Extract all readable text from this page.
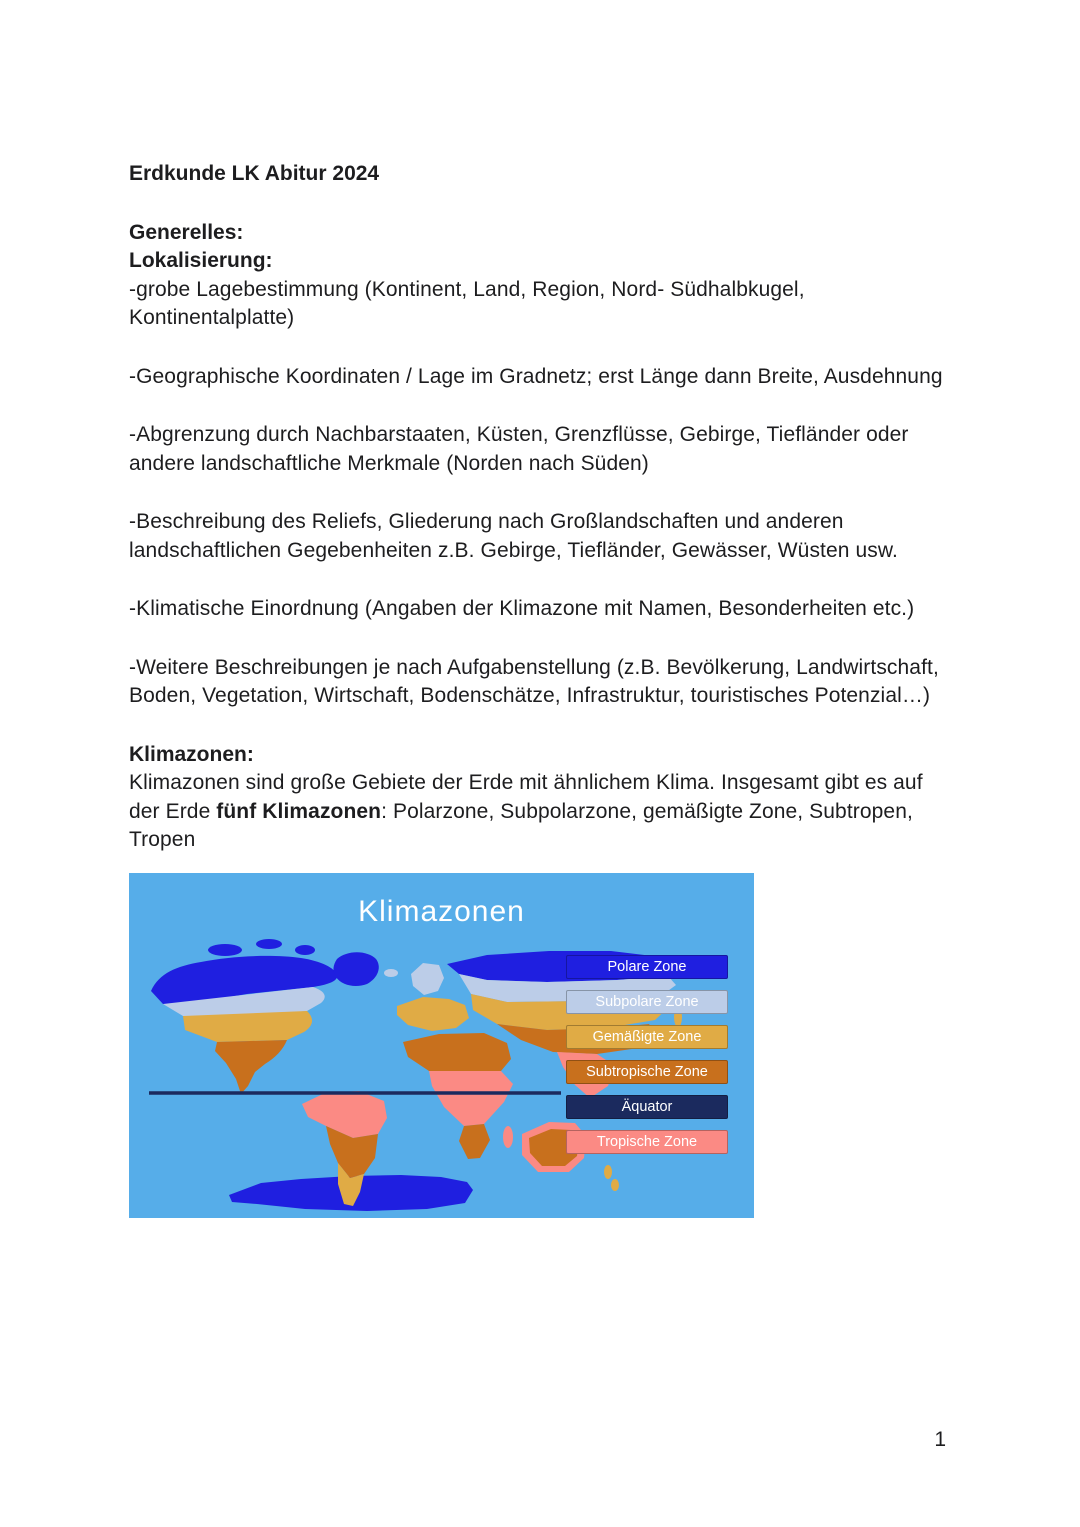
Erdkunde LK Abitur 2024

Generelles:

Lokalisierung:

-grobe Lagebestimmung (Kontinent, Land, Region, Nord- Südhalbkugel, Kontinentalplatte)

-Geographische Koordinaten / Lage im Gradnetz; erst Länge dann Breite, Ausdehnung

-Abgrenzung durch Nachbarstaaten, Küsten, Grenzflüsse, Gebirge, Tiefländer oder andere landschaftliche Merkmale (Norden nach Süden)

-Beschreibung des Reliefs, Gliederung nach Großlandschaften und anderen landschaftlichen Gegebenheiten z.B. Gebirge, Tiefländer, Gewässer, Wüsten usw.

-Klimatische Einordnung (Angaben der Klimazone mit Namen, Besonderheiten etc.)

-Weitere Beschreibungen je nach Aufgabenstellung (z.B. Bevölkerung, Landwirtschaft, Boden, Vegetation, Wirtschaft, Bodenschätze, Infrastruktur, touristisches Potenzial…)

Klimazonen:

Klimazonen sind große Gebiete der Erde mit ähnlichem Klima. Insgesamt gibt es auf der Erde fünf Klimazonen: Polarzone, Subpolarzone, gemäßigte Zone, Subtropen, Tropen

Klimazonen
Polare Zone
Subpolare Zone
Gemäßigte Zone
Subtropische Zone
Äquator
Tropische Zone
1
